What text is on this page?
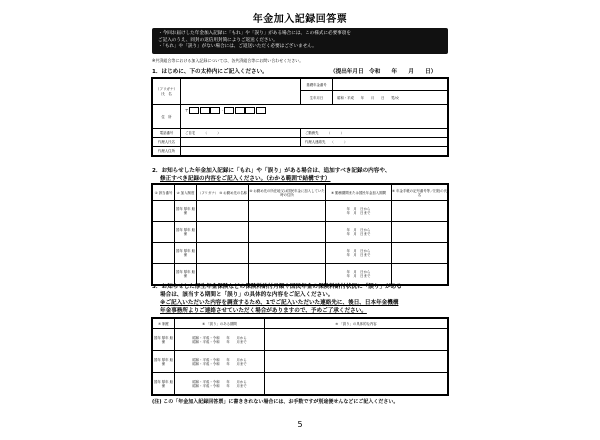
年金加入記録回答票
・今回お届けした年金加入記録に「もれ」や「誤り」がある場合には、この様式に必要事項を
ご記入のうえ、同封の返信用封筒によりご返送ください。
・「もれ」や「誤り」がない場合には、ご返送いただく必要はございません。
※共済組合等における加入記録については、各共済組合等にお問い合わせください。
1．はじめに、下の太枠内にご記入ください。	（提出年月日　令和　　年　　月　　日）
（フリガナ）
氏　名		基礎年金番号	
		生年月日	昭和・平成　　年　　月　　日　　 男/女
住　所	〒 -		
電話番号	ご自宅　　　 （　　　）	ご勤務先　　　 （　　　）	
代理人氏名		代理人連絡先　　 （　　　）	
代理人住所			
2．お知らせした年金加入記録に「もれ」や「誤り」がある場合は、追加すべき記録の内容や、
修正すべき記録の内容をご記入ください。（わかる範囲で結構です）
① 該当番号	② 加入制度	（フリガナ） ③ お勤め先の名称	④ お勤め先の所在地又は国民年金に加入していた時の住所	⑤ 勤務期間または国民年金加入期間	⑥ 年金手帳の記号番号等／旧姓の氏名
	国年 厚年 船保			年　月　日から
年　月　日まで	
	国年 厚年 船保			年　月　日から
年　月　日まで	
	国年 厚年 船保			年　月　日から
年　月　日まで	
	国年 厚年 船保			年　月　日から
年　月　日まで	
3．お知らせした厚生年金保険などの保険料納付月額や国民年金の保険料納付状況に「誤り」がある
場合は、該当する期間と「誤り」の具体的な内容をご記入ください。
※ご記入いただいた内容を調査するため、1でご記入いただいた連絡先に、後日、日本年金機構
年金事務所よりご連絡させていただく場合がありますので、予めご了承ください。
⑦ 制度	⑧ 「誤り」のある期間	⑨ 「誤り」の具体的な内容
国年 厚年 船保	昭和・平成・令和　　年　　月から
昭和・平成・令和　　年　　月まで	
国年 厚年 船保	昭和・平成・令和　　年　　月から
昭和・平成・令和　　年　　月まで	
国年 厚年 船保	昭和・平成・令和　　年　　月から
昭和・平成・令和　　年　　月まで	
(注) この「年金加入記録回答票」に書ききれない場合には、お手数ですが別途便せんなどにご記入ください。
5
